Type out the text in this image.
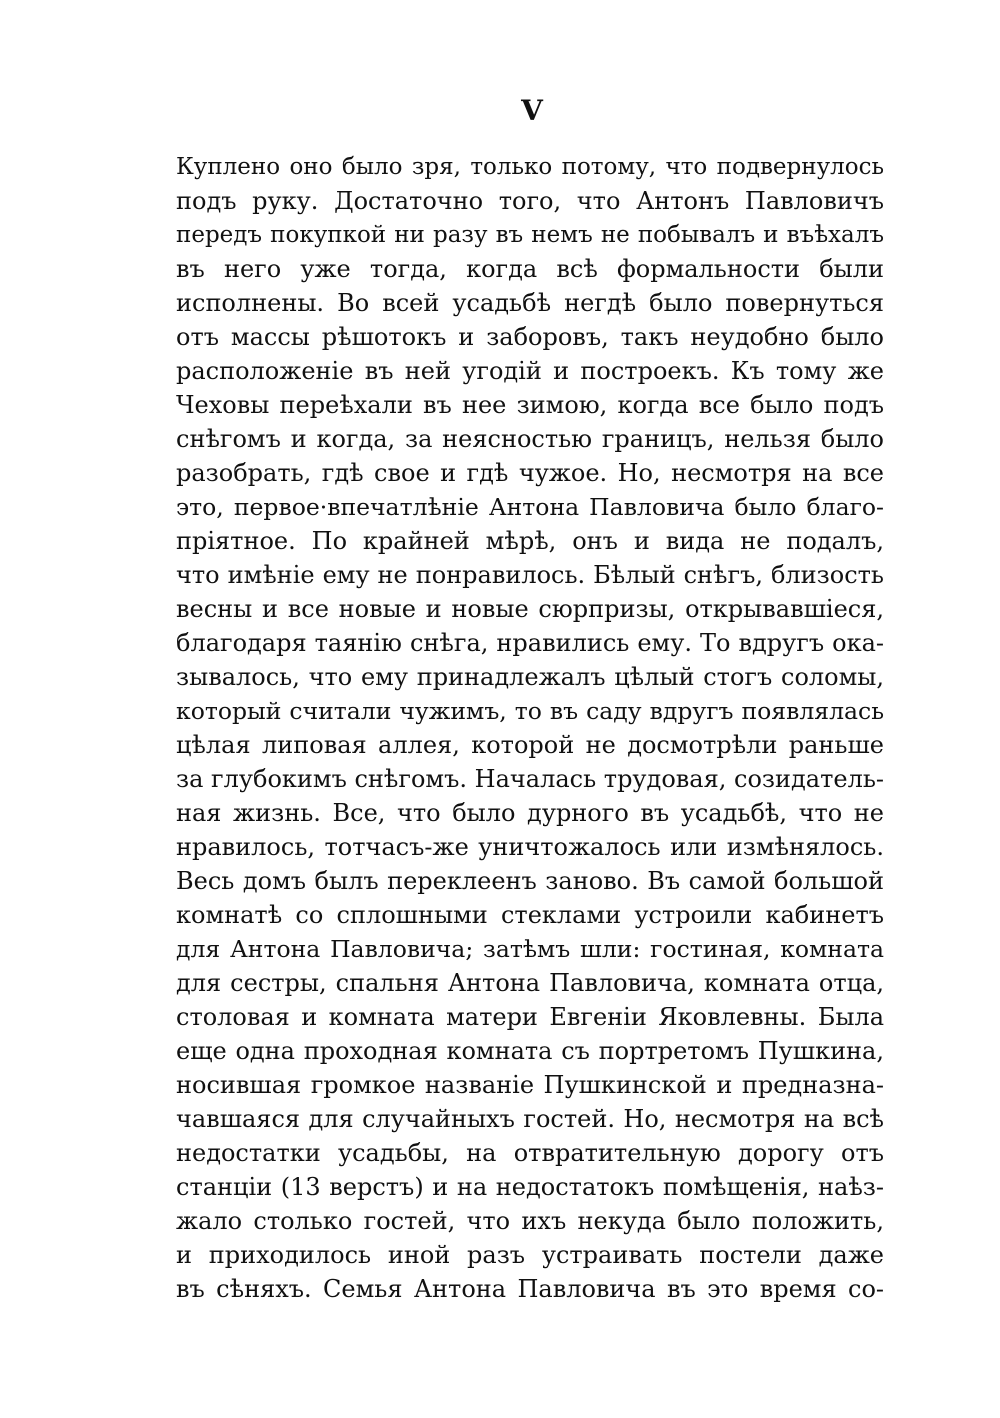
V
Куплено оно было зря, только потому, что подвернулось
подъ руку. Достаточно того, что Антонъ Павловичъ
передъ покупкой ни разу въ немъ не побывалъ и въѣхалъ
въ него уже тогда, когда всѣ формальности были
исполнены. Во всей усадьбѣ негдѣ было повернуться
отъ массы рѣшотокъ и заборовъ, такъ неудобно было
расположеніе въ ней угодій и построекъ. Къ тому же
Чеховы переѣхали въ нее зимою, когда все было подъ
снѣгомъ и когда, за неясностью границъ, нельзя было
разобрать, гдѣ свое и гдѣ чужое. Но, несмотря на все
это, первое·впечатлѣніе Антона Павловича было благо-
пріятное. По крайней мѣрѣ, онъ и вида не подалъ,
что имѣніе ему не понравилось. Бѣлый снѣгъ, близость
весны и все новые и новые сюрпризы, открывавшіеся,
благодаря таянію снѣга, нравились ему. То вдругъ ока-
зывалось, что ему принадлежалъ цѣлый стогъ соломы,
который считали чужимъ, то въ саду вдругъ появлялась
цѣлая липовая аллея, которой не досмотрѣли раньше
за глубокимъ снѣгомъ. Началась трудовая, созидатель-
ная жизнь. Все, что было дурного въ усадьбѣ, что не
нравилось, тотчасъ-же уничтожалось или измѣнялось.
Весь домъ былъ переклеенъ заново. Въ самой большой
комнатѣ со сплошными стеклами устроили кабинетъ
для Антона Павловича; затѣмъ шли: гостиная, комната
для сестры, спальня Антона Павловича, комната отца,
столовая и комната матери Евгеніи Яковлевны. Была
еще одна проходная комната съ портретомъ Пушкина,
носившая громкое названіе Пушкинской и предназна-
чавшаяся для случайныхъ гостей. Но, несмотря на всѣ
недостатки усадьбы, на отвратительную дорогу отъ
станціи (13 верстъ) и на недостатокъ помѣщенія, наѣз-
жало столько гостей, что ихъ некуда было положить,
и приходилось иной разъ устраивать постели даже
въ сѣняхъ. Семья Антона Павловича въ это время со-
